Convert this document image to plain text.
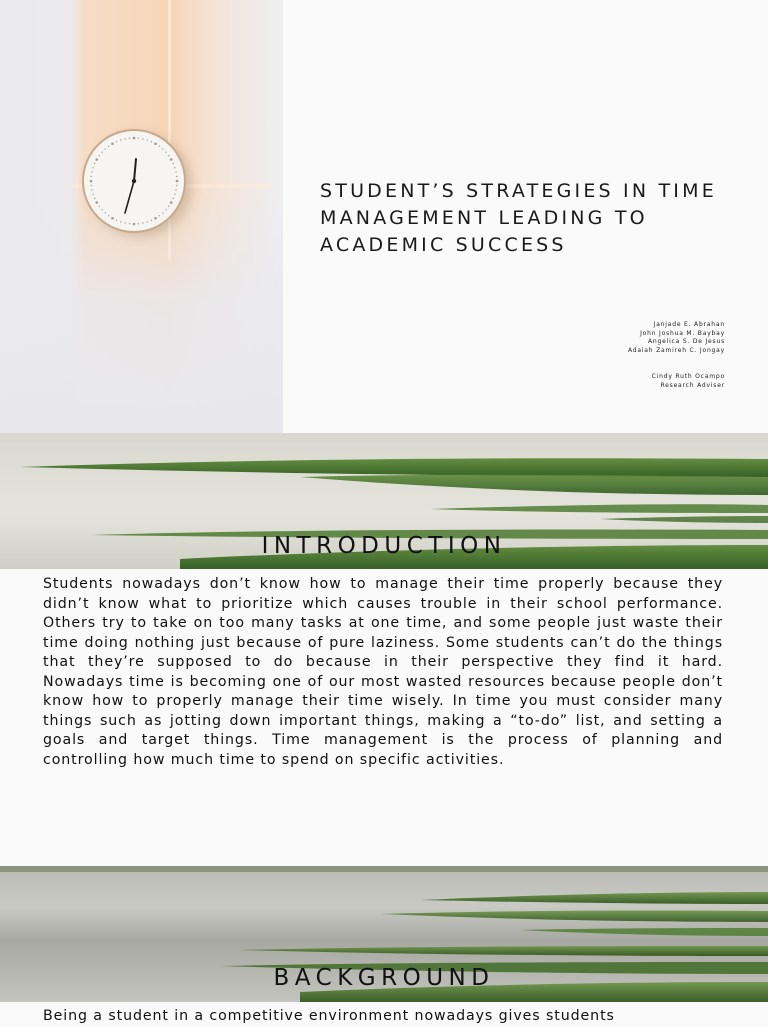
STUDENT’S STRATEGIES IN TIME MANAGEMENT LEADING TO ACADEMIC SUCCESS
Janjade E. Abrahan
John Joshua M. Baybay
Angelica S. De Jesus
Adaiah Zamireh C. Jongay
Cindy Ruth Ocampo
Research Adviser
INTRODUCTION

Students nowadays don’t know how to manage their time properly because they didn’t know what to prioritize which causes trouble in their school performance. Others try to take on too many tasks at one time, and some people just waste their time doing nothing just because of pure laziness. Some students can’t do the things that they’re supposed to do because in their perspective they find it hard. Nowadays time is becoming one of our most wasted resources because people don’t know how to properly manage their time wisely. In time you must consider many things such as jotting down important things, making a “to-do” list, and setting a goals and target things. Time management is the process of planning and controlling how much time to spend on specific activities.

BACKGROUND

Being a student in a competitive environment nowadays gives students
